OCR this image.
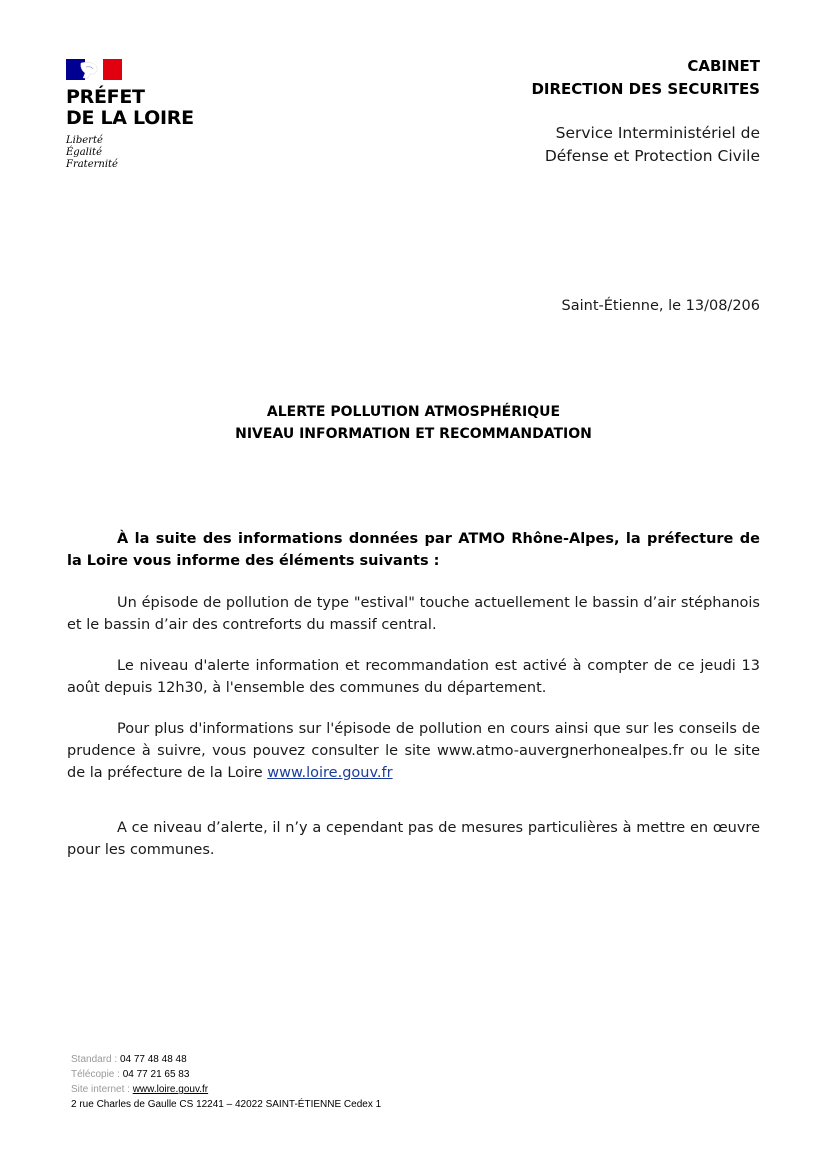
PRÉFET
DE LA LOIRE
Liberté
Égalité
Fraternité
CABINET
DIRECTION DES SECURITES
Service Interministériel de
Défense et Protection Civile
Saint-Étienne, le 13/08/206
ALERTE POLLUTION ATMOSPHÉRIQUE
NIVEAU INFORMATION ET RECOMMANDATION

À la suite des informations données par ATMO Rhône-Alpes, la préfecture de la Loire vous informe des éléments suivants :

Un épisode de pollution de type "estival" touche actuellement le bassin d’air stéphanois et le bassin d’air des contreforts du massif central.

Le niveau d'alerte information et recommandation est activé à compter de ce jeudi 13 août depuis 12h30, à l'ensemble des communes du département.

Pour plus d'informations sur l'épisode de pollution en cours ainsi que sur les conseils de prudence à suivre, vous pouvez consulter le site www.atmo-auvergnerhonealpes.fr ou le site de la préfecture de la Loire www.loire.gouv.fr

A ce niveau d’alerte, il n’y a cependant pas de mesures particulières à mettre en œuvre pour les communes.

Standard : 04 77 48 48 48
Télécopie : 04 77 21 65 83
Site internet : www.loire.gouv.fr
2 rue Charles de Gaulle CS 12241 – 42022 SAINT-ÉTIENNE Cedex 1
